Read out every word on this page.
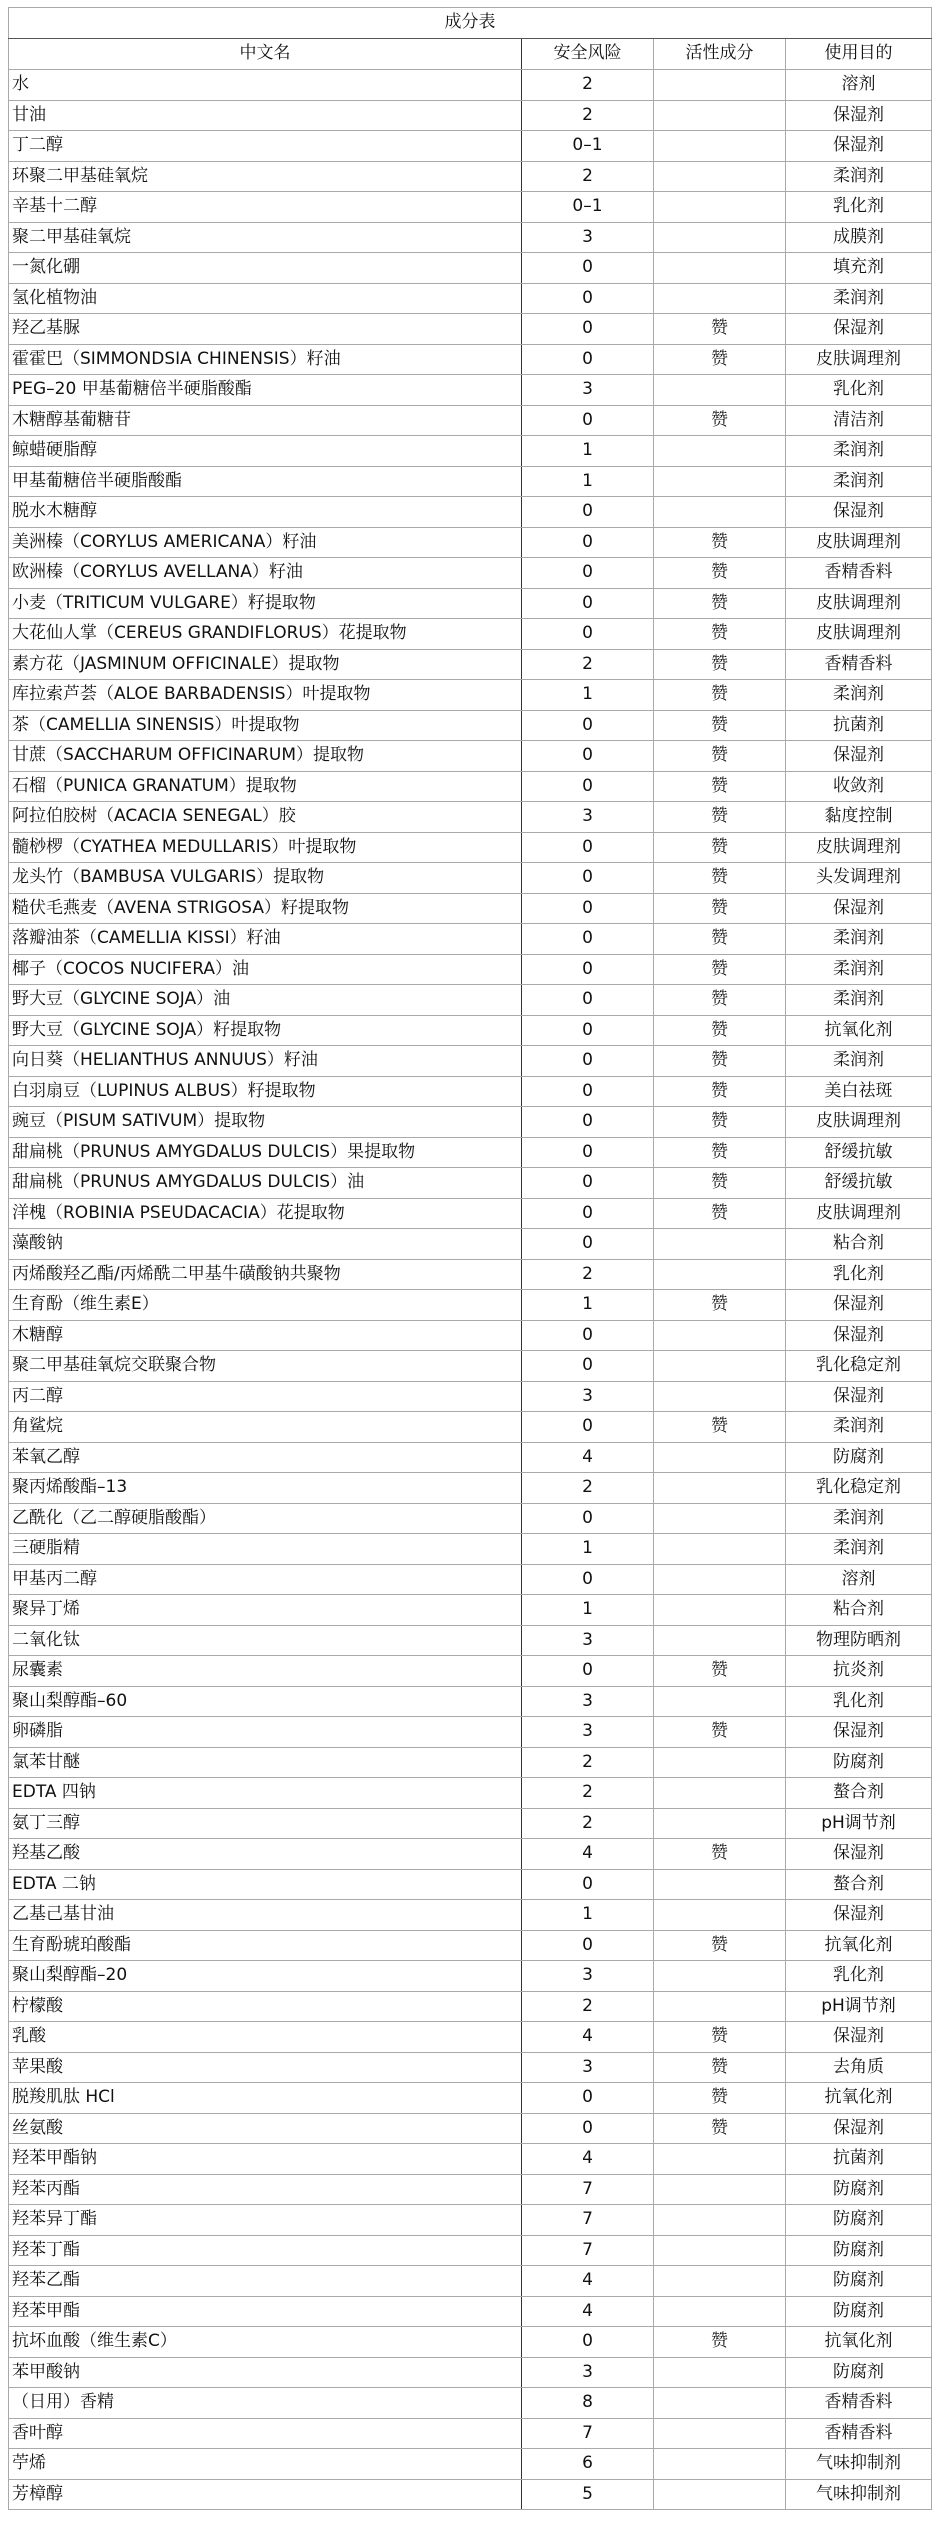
成分表			
中文名	安全风险	活性成分	使用目的
水	2		溶剂
甘油	2		保湿剂
丁二醇	0–1		保湿剂
环聚二甲基硅氧烷	2		柔润剂
辛基十二醇	0–1		乳化剂
聚二甲基硅氧烷	3		成膜剂
一氮化硼	0		填充剂
氢化植物油	0		柔润剂
羟乙基脲	0	赞	保湿剂
霍霍巴（SIMMONDSIA CHINENSIS）籽油	0	赞	皮肤调理剂
PEG–20 甲基葡糖倍半硬脂酸酯	3		乳化剂
木糖醇基葡糖苷	0	赞	清洁剂
鲸蜡硬脂醇	1		柔润剂
甲基葡糖倍半硬脂酸酯	1		柔润剂
脱水木糖醇	0		保湿剂
美洲榛（CORYLUS AMERICANA）籽油	0	赞	皮肤调理剂
欧洲榛（CORYLUS AVELLANA）籽油	0	赞	香精香料
小麦（TRITICUM VULGARE）籽提取物	0	赞	皮肤调理剂
大花仙人掌（CEREUS GRANDIFLORUS）花提取物	0	赞	皮肤调理剂
素方花（JASMINUM OFFICINALE）提取物	2	赞	香精香料
库拉索芦荟（ALOE BARBADENSIS）叶提取物	1	赞	柔润剂
茶（CAMELLIA SINENSIS）叶提取物	0	赞	抗菌剂
甘蔗（SACCHARUM OFFICINARUM）提取物	0	赞	保湿剂
石榴（PUNICA GRANATUM）提取物	0	赞	收敛剂
阿拉伯胶树（ACACIA SENEGAL）胶	3	赞	黏度控制
髓桫椤（CYATHEA MEDULLARIS）叶提取物	0	赞	皮肤调理剂
龙头竹（BAMBUSA VULGARIS）提取物	0	赞	头发调理剂
糙伏毛燕麦（AVENA STRIGOSA）籽提取物	0	赞	保湿剂
落瓣油茶（CAMELLIA KISSI）籽油	0	赞	柔润剂
椰子（COCOS NUCIFERA）油	0	赞	柔润剂
野大豆（GLYCINE SOJA）油	0	赞	柔润剂
野大豆（GLYCINE SOJA）籽提取物	0	赞	抗氧化剂
向日葵（HELIANTHUS ANNUUS）籽油	0	赞	柔润剂
白羽扇豆（LUPINUS ALBUS）籽提取物	0	赞	美白祛斑
豌豆（PISUM SATIVUM）提取物	0	赞	皮肤调理剂
甜扁桃（PRUNUS AMYGDALUS DULCIS）果提取物	0	赞	舒缓抗敏
甜扁桃（PRUNUS AMYGDALUS DULCIS）油	0	赞	舒缓抗敏
洋槐（ROBINIA PSEUDACACIA）花提取物	0	赞	皮肤调理剂
藻酸钠	0		粘合剂
丙烯酸羟乙酯/丙烯酰二甲基牛磺酸钠共聚物	2		乳化剂
生育酚（维生素E）	1	赞	保湿剂
木糖醇	0		保湿剂
聚二甲基硅氧烷交联聚合物	0		乳化稳定剂
丙二醇	3		保湿剂
角鲨烷	0	赞	柔润剂
苯氧乙醇	4		防腐剂
聚丙烯酸酯–13	2		乳化稳定剂
乙酰化（乙二醇硬脂酸酯）	0		柔润剂
三硬脂精	1		柔润剂
甲基丙二醇	0		溶剂
聚异丁烯	1		粘合剂
二氧化钛	3		物理防晒剂
尿囊素	0	赞	抗炎剂
聚山梨醇酯–60	3		乳化剂
卵磷脂	3	赞	保湿剂
氯苯甘醚	2		防腐剂
EDTA 四钠	2		螯合剂
氨丁三醇	2		pH调节剂
羟基乙酸	4	赞	保湿剂
EDTA 二钠	0		螯合剂
乙基己基甘油	1		保湿剂
生育酚琥珀酸酯	0	赞	抗氧化剂
聚山梨醇酯–20	3		乳化剂
柠檬酸	2		pH调节剂
乳酸	4	赞	保湿剂
苹果酸	3	赞	去角质
脱羧肌肽 HCl	0	赞	抗氧化剂
丝氨酸	0	赞	保湿剂
羟苯甲酯钠	4		抗菌剂
羟苯丙酯	7		防腐剂
羟苯异丁酯	7		防腐剂
羟苯丁酯	7		防腐剂
羟苯乙酯	4		防腐剂
羟苯甲酯	4		防腐剂
抗坏血酸（维生素C）	0	赞	抗氧化剂
苯甲酸钠	3		防腐剂
（日用）香精	8		香精香料
香叶醇	7		香精香料
苧烯	6		气味抑制剂
芳樟醇	5		气味抑制剂
